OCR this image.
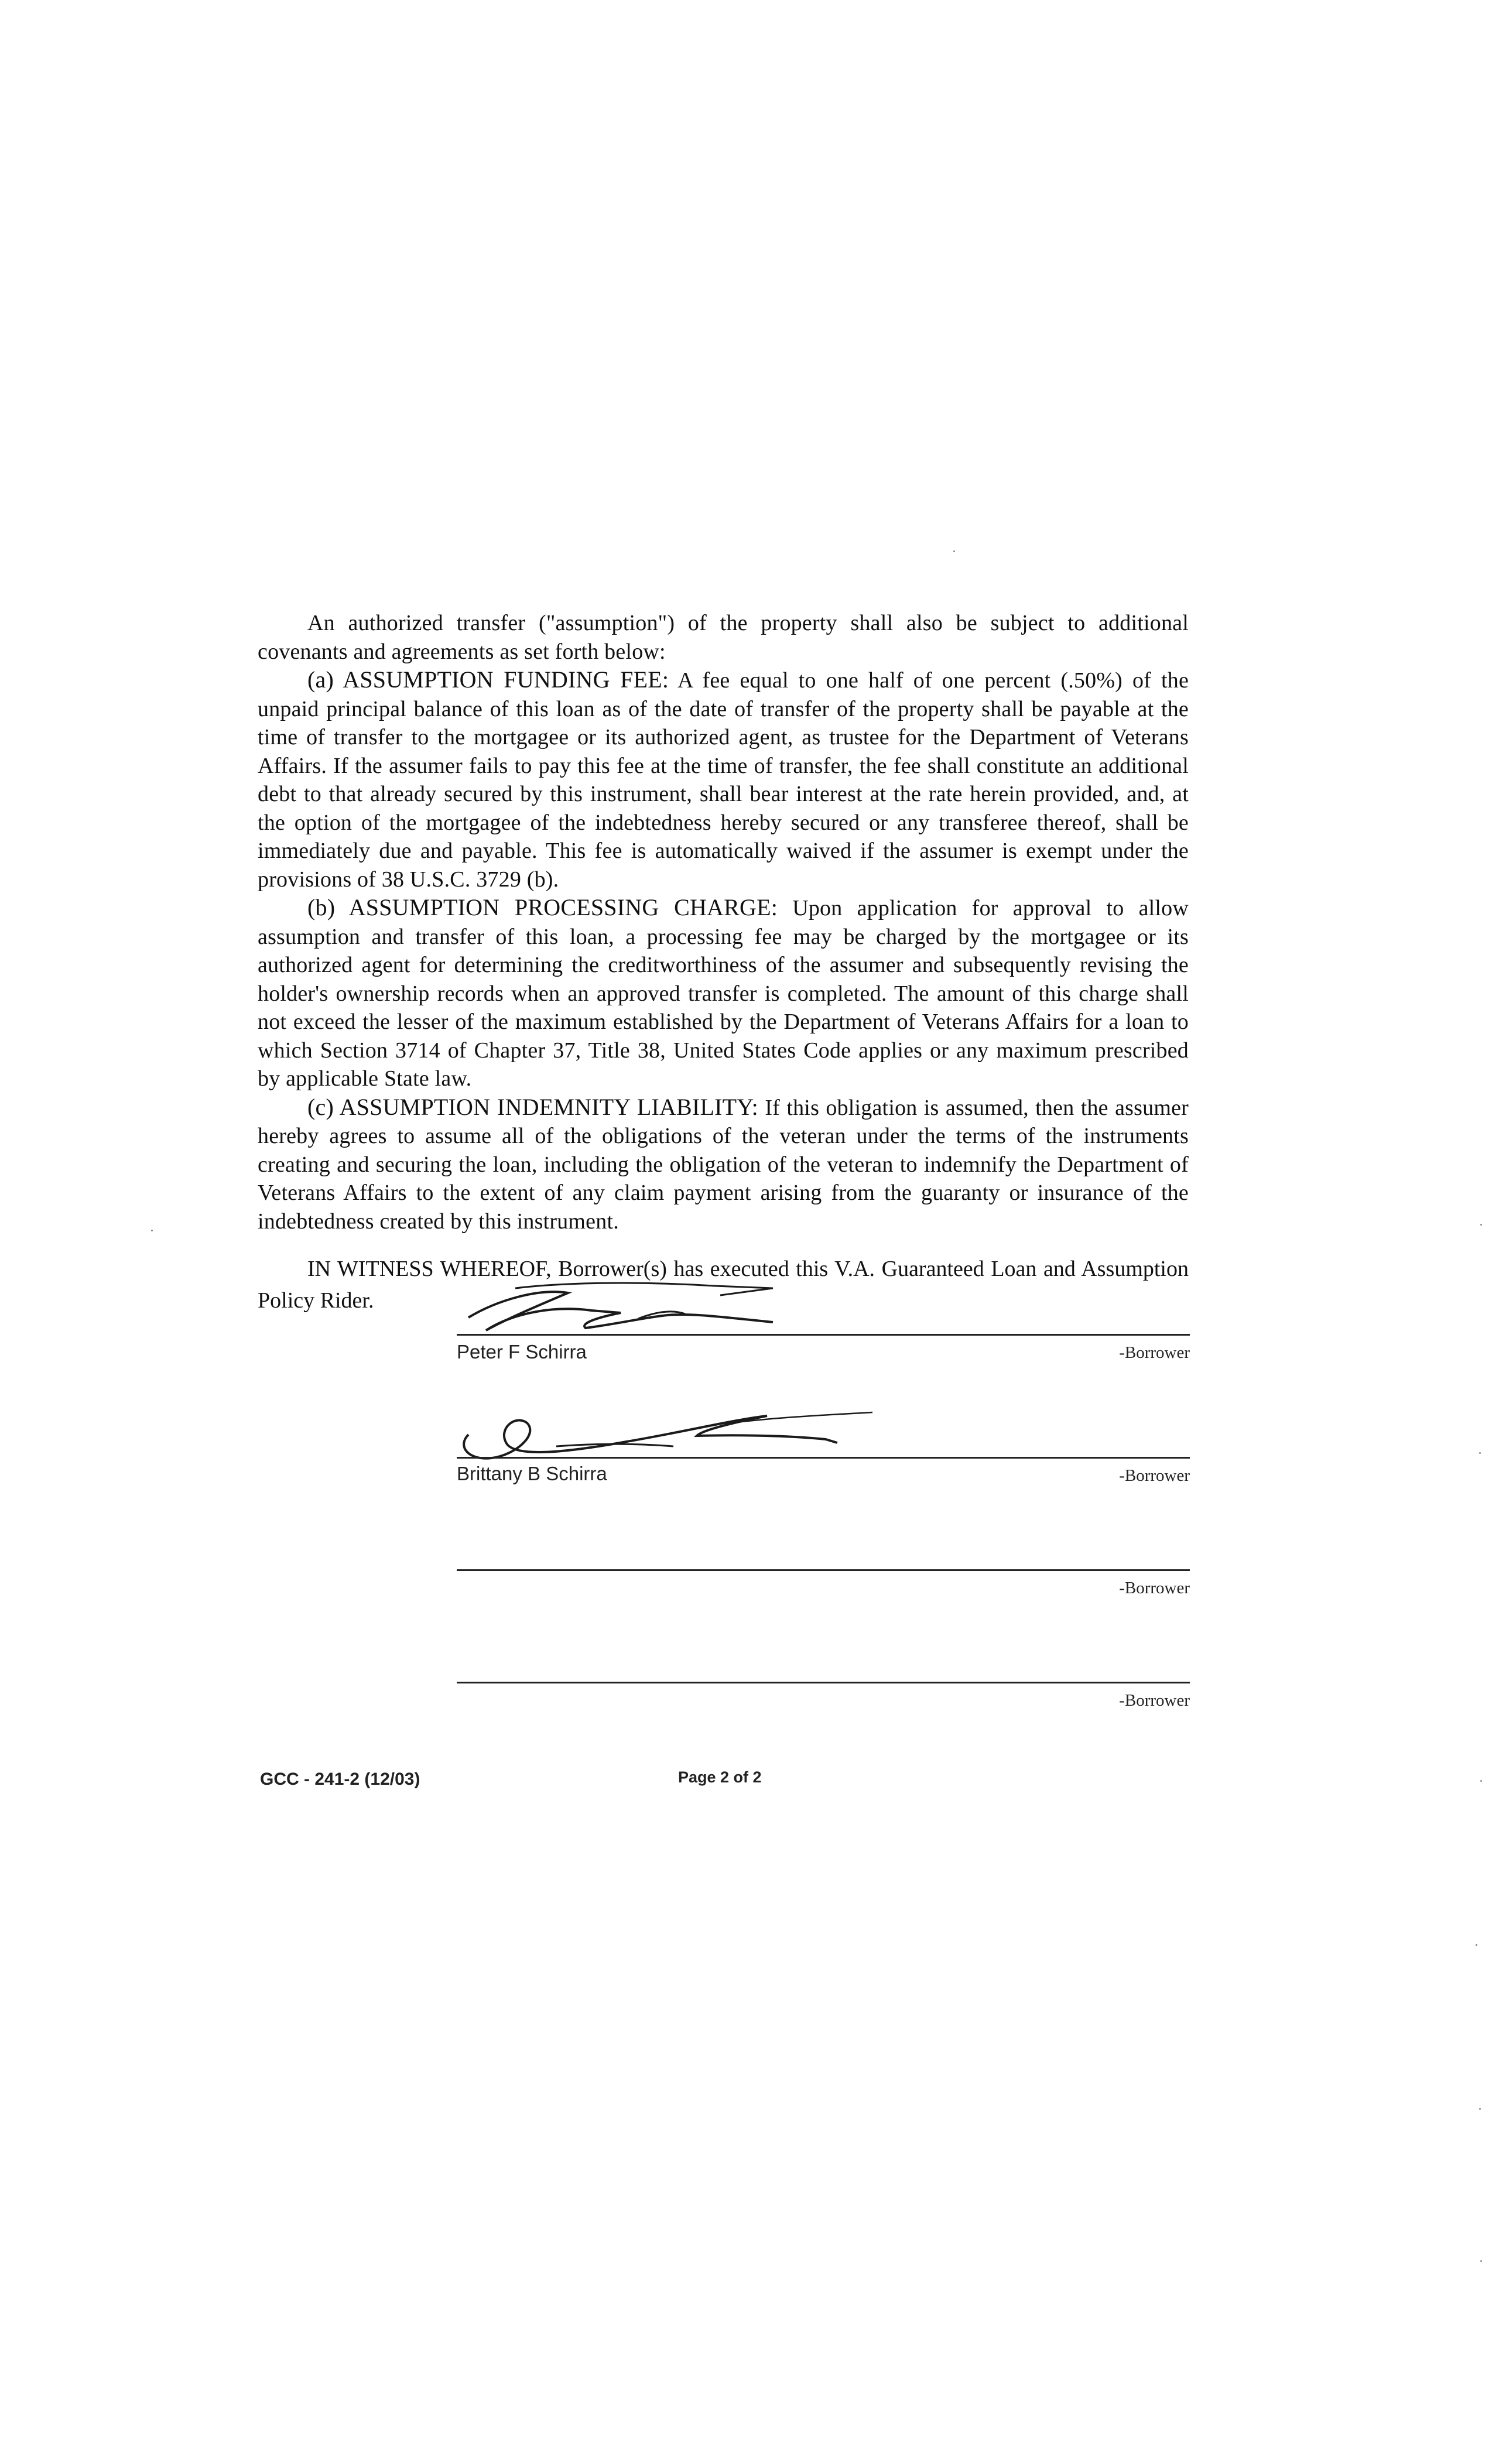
An authorized transfer ("assumption") of the property shall also be subject to additional covenants and agreements as set forth below:

(a) ASSUMPTION FUNDING FEE: A fee equal to one half of one percent (.50%) of the unpaid principal balance of this loan as of the date of transfer of the property shall be payable at the time of transfer to the mortgagee or its authorized agent, as trustee for the Department of Veterans Affairs. If the assumer fails to pay this fee at the time of transfer, the fee shall constitute an additional debt to that already secured by this instrument, shall bear interest at the rate herein provided, and, at the option of the mortgagee of the indebtedness hereby secured or any transferee thereof, shall be immediately due and payable. This fee is automatically waived if the assumer is exempt under the provisions of 38 U.S.C. 3729 (b).

(b) ASSUMPTION PROCESSING CHARGE: Upon application for approval to allow assumption and transfer of this loan, a processing fee may be charged by the mortgagee or its authorized agent for determining the creditworthiness of the assumer and subsequently revising the holder's ownership records when an approved transfer is completed. The amount of this charge shall not exceed the lesser of the maximum established by the Department of Veterans Affairs for a loan to which Section 3714 of Chapter 37, Title 38, United States Code applies or any maximum prescribed by applicable State law.

(c) ASSUMPTION INDEMNITY LIABILITY: If this obligation is assumed, then the assumer hereby agrees to assume all of the obligations of the veteran under the terms of the instruments creating and securing the loan, including the obligation of the veteran to indemnify the Department of Veterans Affairs to the extent of any claim payment arising from the guaranty or insurance of the indebtedness created by this instrument.

IN WITNESS WHEREOF, Borrower(s) has executed this V.A. Guaranteed Loan and Assumption Policy Rider.

Peter F Schirra	-Borrower
Brittany B Schirra	-Borrower
-Borrower
-Borrower
GCC - 241-2 (12/03)	Page 2 of 2
